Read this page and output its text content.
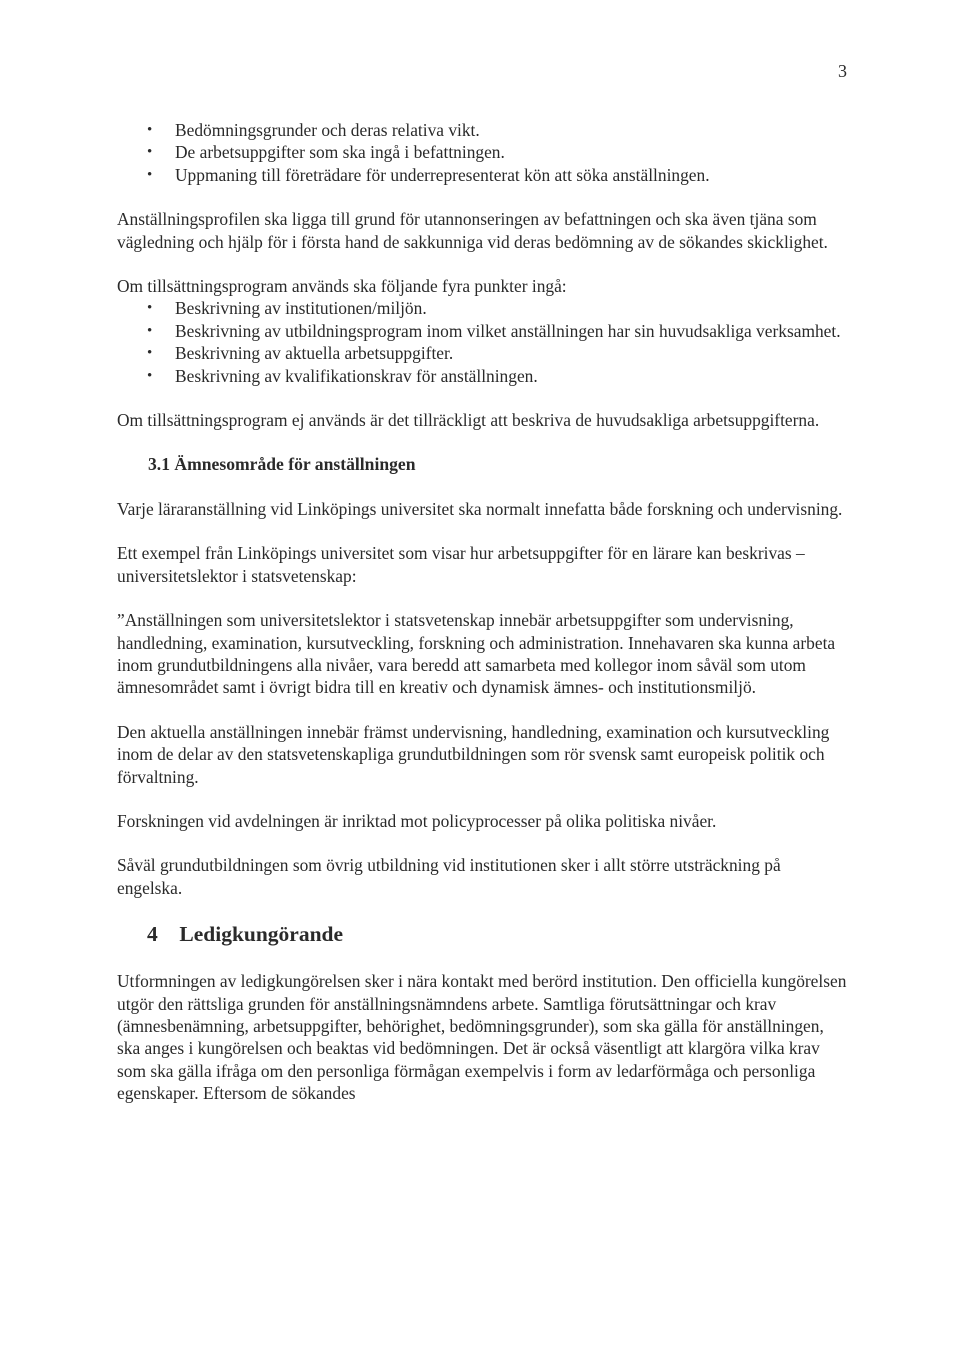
3
• Bedömningsgrunder och deras relativa vikt.
• De arbetsuppgifter som ska ingå i befattningen.
• Uppmaning till företrädare för underrepresenterat kön att söka anställningen.

Anställningsprofilen ska ligga till grund för utannonseringen av befattningen och ska även tjäna som vägledning och hjälp för i första hand de sakkunniga vid deras bedömning av de sökandes skicklighet.

Om tillsättningsprogram används ska följande fyra punkter ingå:

• Beskrivning av institutionen/miljön.
• Beskrivning av utbildningsprogram inom vilket anställningen har sin huvudsakliga verksamhet.
• Beskrivning av aktuella arbetsuppgifter.
• Beskrivning av kvalifikationskrav för anställningen.

Om tillsättningsprogram ej används är det tillräckligt att beskriva de huvudsakliga arbetsuppgifterna.

3.1 Ämnesområde för anställningen

Varje läraranställning vid Linköpings universitet ska normalt innefatta både forskning och undervisning.

Ett exempel från Linköpings universitet som visar hur arbetsuppgifter för en lärare kan beskrivas – universitetslektor i statsvetenskap:

”Anställningen som universitetslektor i statsvetenskap innebär arbetsuppgifter som undervisning, handledning, examination, kursutveckling, forskning och administration. Innehavaren ska kunna arbeta inom grundutbildningens alla nivåer, vara beredd att samarbeta med kollegor inom såväl som utom ämnesområdet samt i övrigt bidra till en kreativ och dynamisk ämnes- och institutionsmiljö.

Den aktuella anställningen innebär främst undervisning, handledning, examination och kursutveckling inom de delar av den statsvetenskapliga grundutbildningen som rör svensk samt europeisk politik och förvaltning.

Forskningen vid avdelningen är inriktad mot policyprocesser på olika politiska nivåer.

Såväl grundutbildningen som övrig utbildning vid institutionen sker i allt större utsträckning på engelska.

4 Ledigkungörande

Utformningen av ledigkungörelsen sker i nära kontakt med berörd institution. Den officiella kungörelsen utgör den rättsliga grunden för anställningsnämndens arbete. Samtliga förutsättningar och krav (ämnesbenämning, arbetsuppgifter, behörighet, bedömningsgrunder), som ska gälla för anställningen, ska anges i kungörelsen och beaktas vid bedömningen. Det är också väsentligt att klargöra vilka krav som ska gälla ifråga om den personliga förmågan exempelvis i form av ledarförmåga och personliga egenskaper. Eftersom de sökandes
